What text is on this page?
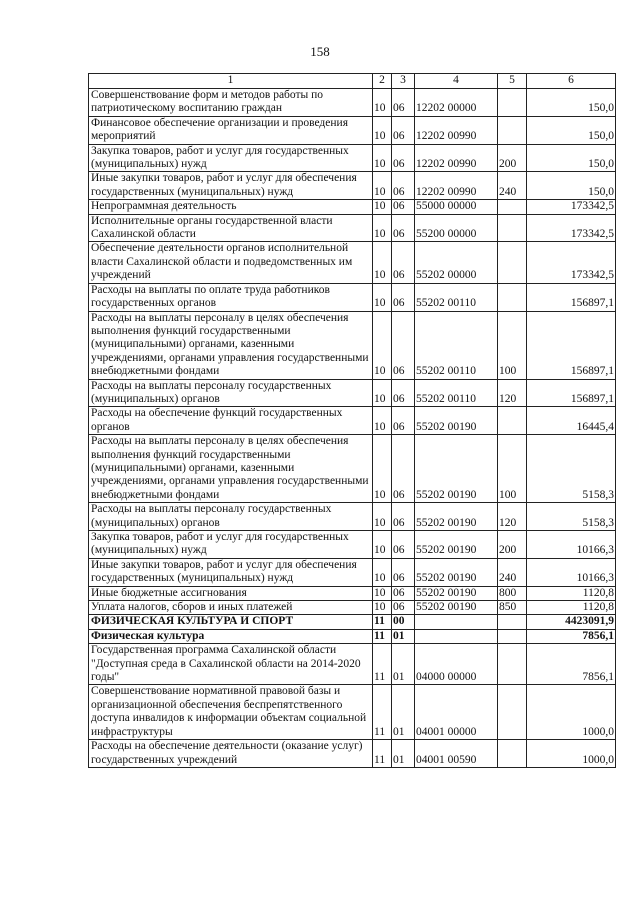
158
1	2	3	4	5	6
Совершенствование форм и методов работы по патриотическому воспитанию граждан	10	06	12202 00000		150,0
Финансовое обеспечение организации и проведения мероприятий	10	06	12202 00990		150,0
Закупка товаров, работ и услуг для государственных (муниципальных) нужд	10	06	12202 00990	200	150,0
Иные закупки товаров, работ и услуг для обеспечения государственных (муниципальных) нужд	10	06	12202 00990	240	150,0
Непрограммная деятельность	10	06	55000 00000		173342,5
Исполнительные органы государственной власти Сахалинской области	10	06	55200 00000		173342,5
Обеспечение деятельности органов исполнительной власти Сахалинской области и подведомственных им учреждений	10	06	55202 00000		173342,5
Расходы на выплаты по оплате труда работников государственных органов	10	06	55202 00110		156897,1
Расходы на выплаты персоналу в целях обеспечения выполнения функций государственными (муниципальными) органами, казенными учреждениями, органами управления государственными внебюджетными фондами	10	06	55202 00110	100	156897,1
Расходы на выплаты персоналу государственных (муниципальных) органов	10	06	55202 00110	120	156897,1
Расходы на обеспечение функций государственных органов	10	06	55202 00190		16445,4
Расходы на выплаты персоналу в целях обеспечения выполнения функций государственными (муниципальными) органами, казенными учреждениями, органами управления государственными внебюджетными фондами	10	06	55202 00190	100	5158,3
Расходы на выплаты персоналу государственных (муниципальных) органов	10	06	55202 00190	120	5158,3
Закупка товаров, работ и услуг для государственных (муниципальных) нужд	10	06	55202 00190	200	10166,3
Иные закупки товаров, работ и услуг для обеспечения государственных (муниципальных) нужд	10	06	55202 00190	240	10166,3
Иные бюджетные ассигнования	10	06	55202 00190	800	1120,8
Уплата налогов, сборов и иных платежей	10	06	55202 00190	850	1120,8
ФИЗИЧЕСКАЯ КУЛЬТУРА И СПОРТ	11	00			4423091,9
Физическая культура	11	01			7856,1
Государственная программа Сахалинской области "Доступная среда в Сахалинской области на 2014-2020 годы"	11	01	04000 00000		7856,1
Совершенствование нормативной правовой базы и организационной обеспечения беспрепятственного доступа инвалидов к информации объектам социальной инфраструктуры	11	01	04001 00000		1000,0
Расходы на обеспечение деятельности (оказание услуг) государственных учреждений	11	01	04001 00590		1000,0
